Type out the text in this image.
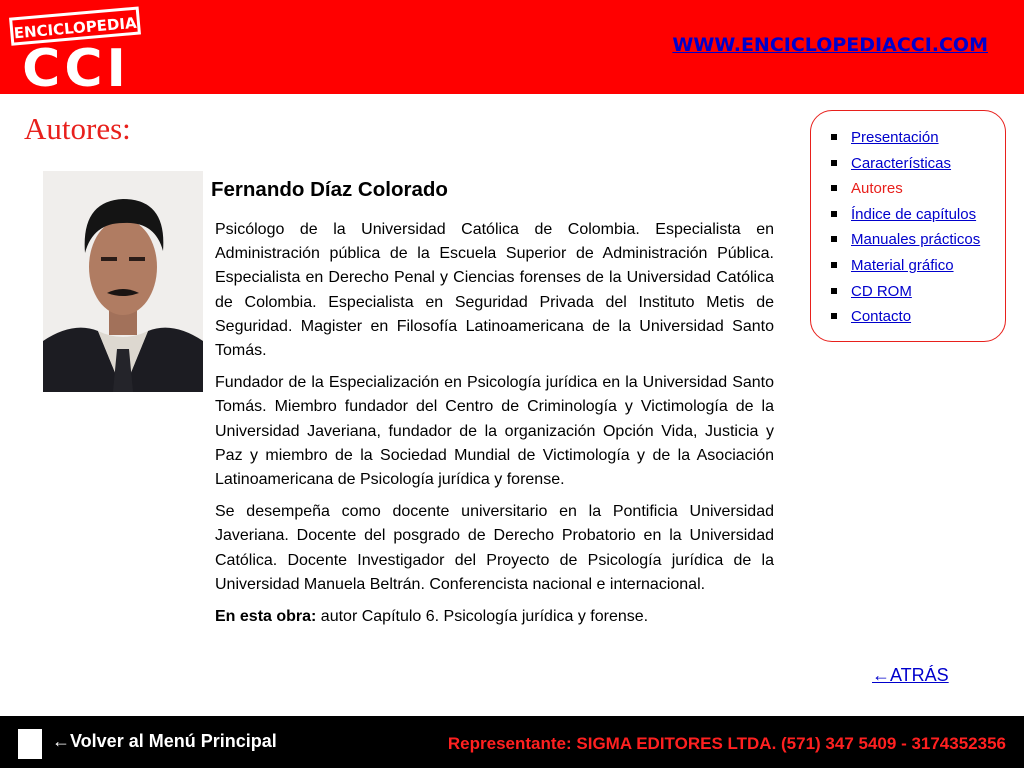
ENCICLOPEDIA
CCI	WWW.ENCICLOPEDIACCI.COM
Autores:
Fernando Díaz Colorado

Psicólogo de la Universidad Católica de Colombia. Especialista en Administración pública de la Escuela Superior de Administración Pública. Especialista en Derecho Penal y Ciencias forenses de la Universidad Católica de Colombia. Especialista en Seguridad Privada del Instituto Metis de Seguridad. Magister en Filosofía Latinoamericana de la Universidad Santo Tomás.

Fundador de la Especialización en Psicología jurídica en la Universidad Santo Tomás. Miembro fundador del Centro de Criminología y Victimología de la Universidad Javeriana, fundador de la organización Opción Vida, Justicia y Paz y miembro de la Sociedad Mundial de Victimología y de la Asociación Latinoamericana de Psicología jurídica y forense.

Se desempeña como docente universitario en la Pontificia Universidad Javeriana. Docente del posgrado de Derecho Probatorio en la Universidad Católica. Docente Investigador del Proyecto de Psicología jurídica de la Universidad Manuela Beltrán. Conferencista nacional e internacional.

En esta obra: autor Capítulo 6. Psicología jurídica y forense.

Presentación
Características
Autores
Índice de capítulos
Manuales prácticos
Material gráfico
CD ROM
Contacto
←ATRÁS
←Volver al Menú Principal	Representante: SIGMA EDITORES LTDA. (571) 347 5409 - 3174352356
